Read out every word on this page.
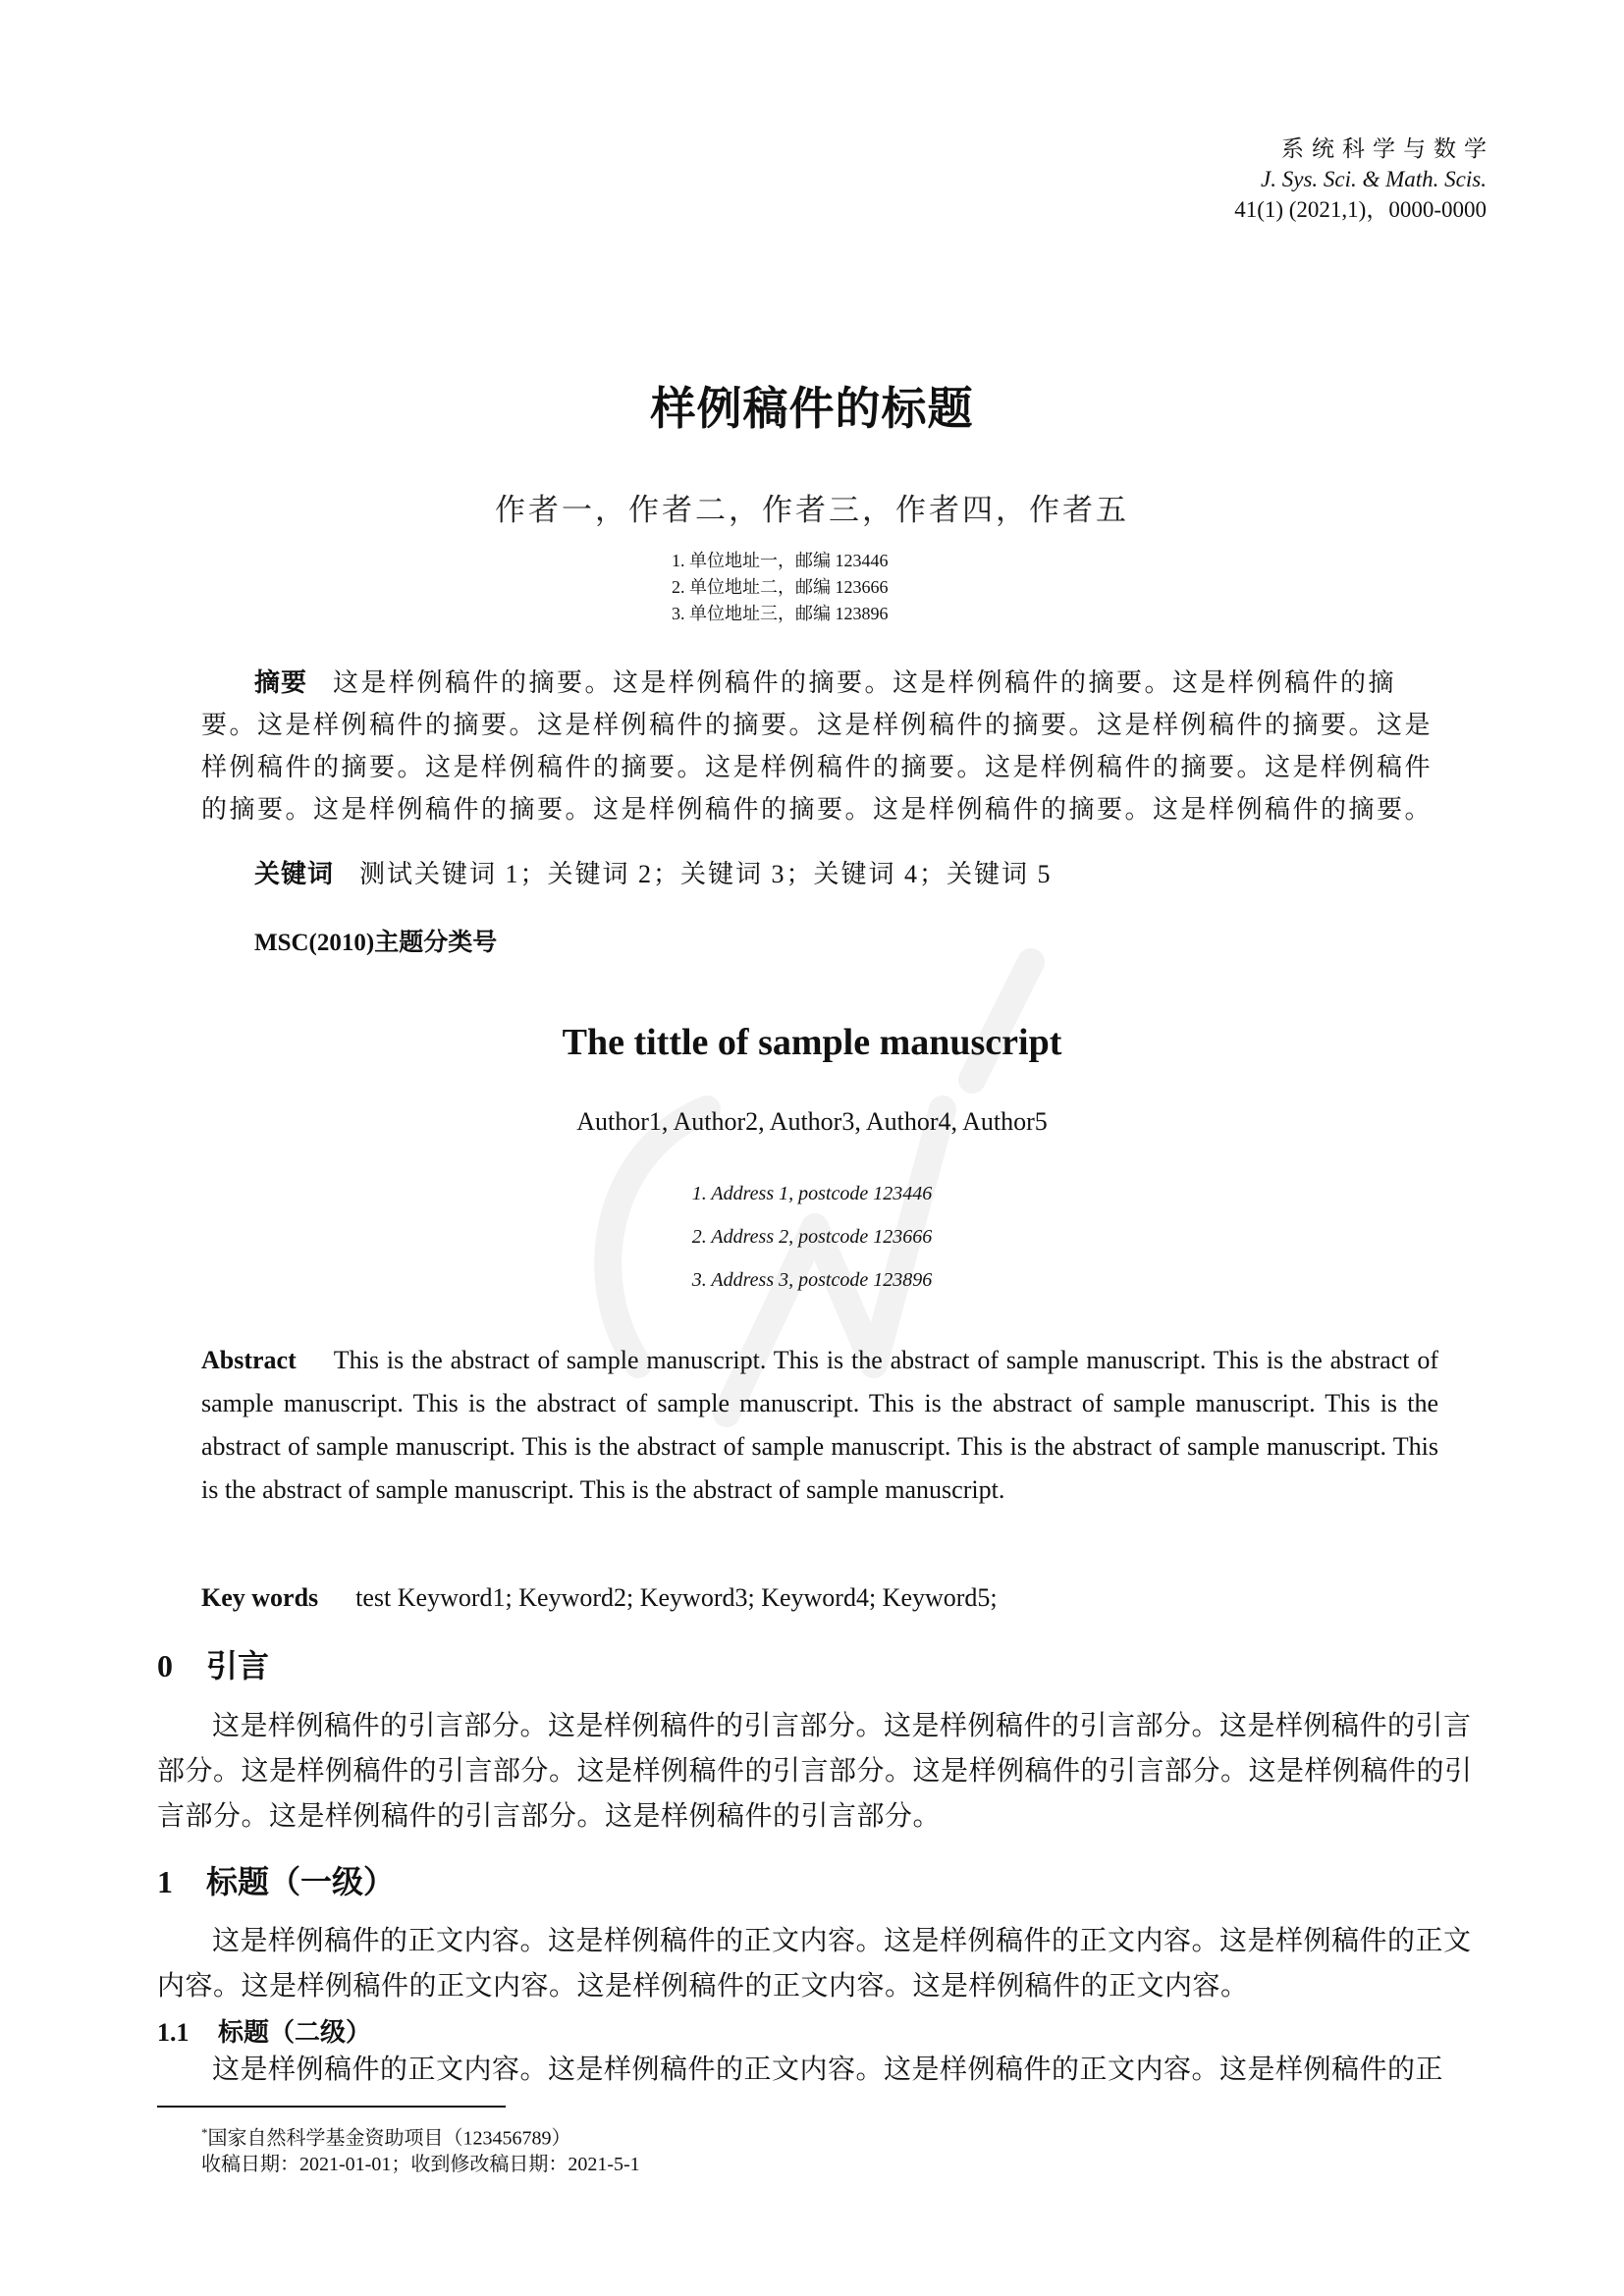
系统科学与数学
J. Sys. Sci. & Math. Scis.
41(1) (2021,1)，0000-0000
样例稿件的标题
作者一，作者二，作者三，作者四，作者五
1. 单位地址一，邮编 123446
2. 单位地址二，邮编 123666
3. 单位地址三，邮编 123896
摘要 这是样例稿件的摘要。这是样例稿件的摘要。这是样例稿件的摘要。这是样例稿件的摘要。这是样例稿件的摘要。这是样例稿件的摘要。这是样例稿件的摘要。这是样例稿件的摘要。这是样例稿件的摘要。这是样例稿件的摘要。这是样例稿件的摘要。这是样例稿件的摘要。这是样例稿件的摘要。这是样例稿件的摘要。这是样例稿件的摘要。这是样例稿件的摘要。这是样例稿件的摘要。
关键词 测试关键词 1；关键词 2；关键词 3；关键词 4；关键词 5
MSC(2010)主题分类号
The tittle of sample manuscript
Author1, Author2, Author3, Author4, Author5
1. Address 1, postcode 123446
2. Address 2, postcode 123666
3. Address 3, postcode 123896
Abstract This is the abstract of sample manuscript. This is the abstract of sample manuscript. This is the abstract of sample manuscript. This is the abstract of sample manuscript. This is the abstract of sample manuscript. This is the abstract of sample manuscript. This is the abstract of sample manuscript. This is the abstract of sample manuscript. This is the abstract of sample manuscript. This is the abstract of sample manuscript.
Key words test Keyword1; Keyword2; Keyword3; Keyword4; Keyword5;
0 引言
这是样例稿件的引言部分。这是样例稿件的引言部分。这是样例稿件的引言部分。这是样例稿件的引言部分。这是样例稿件的引言部分。这是样例稿件的引言部分。这是样例稿件的引言部分。这是样例稿件的引言部分。这是样例稿件的引言部分。这是样例稿件的引言部分。
1 标题（一级）
这是样例稿件的正文内容。这是样例稿件的正文内容。这是样例稿件的正文内容。这是样例稿件的正文内容。这是样例稿件的正文内容。这是样例稿件的正文内容。这是样例稿件的正文内容。
1.1 标题（二级）
这是样例稿件的正文内容。这是样例稿件的正文内容。这是样例稿件的正文内容。这是样例稿件的正
*国家自然科学基金资助项目（123456789）
收稿日期：2021-01-01；收到修改稿日期：2021-5-1
